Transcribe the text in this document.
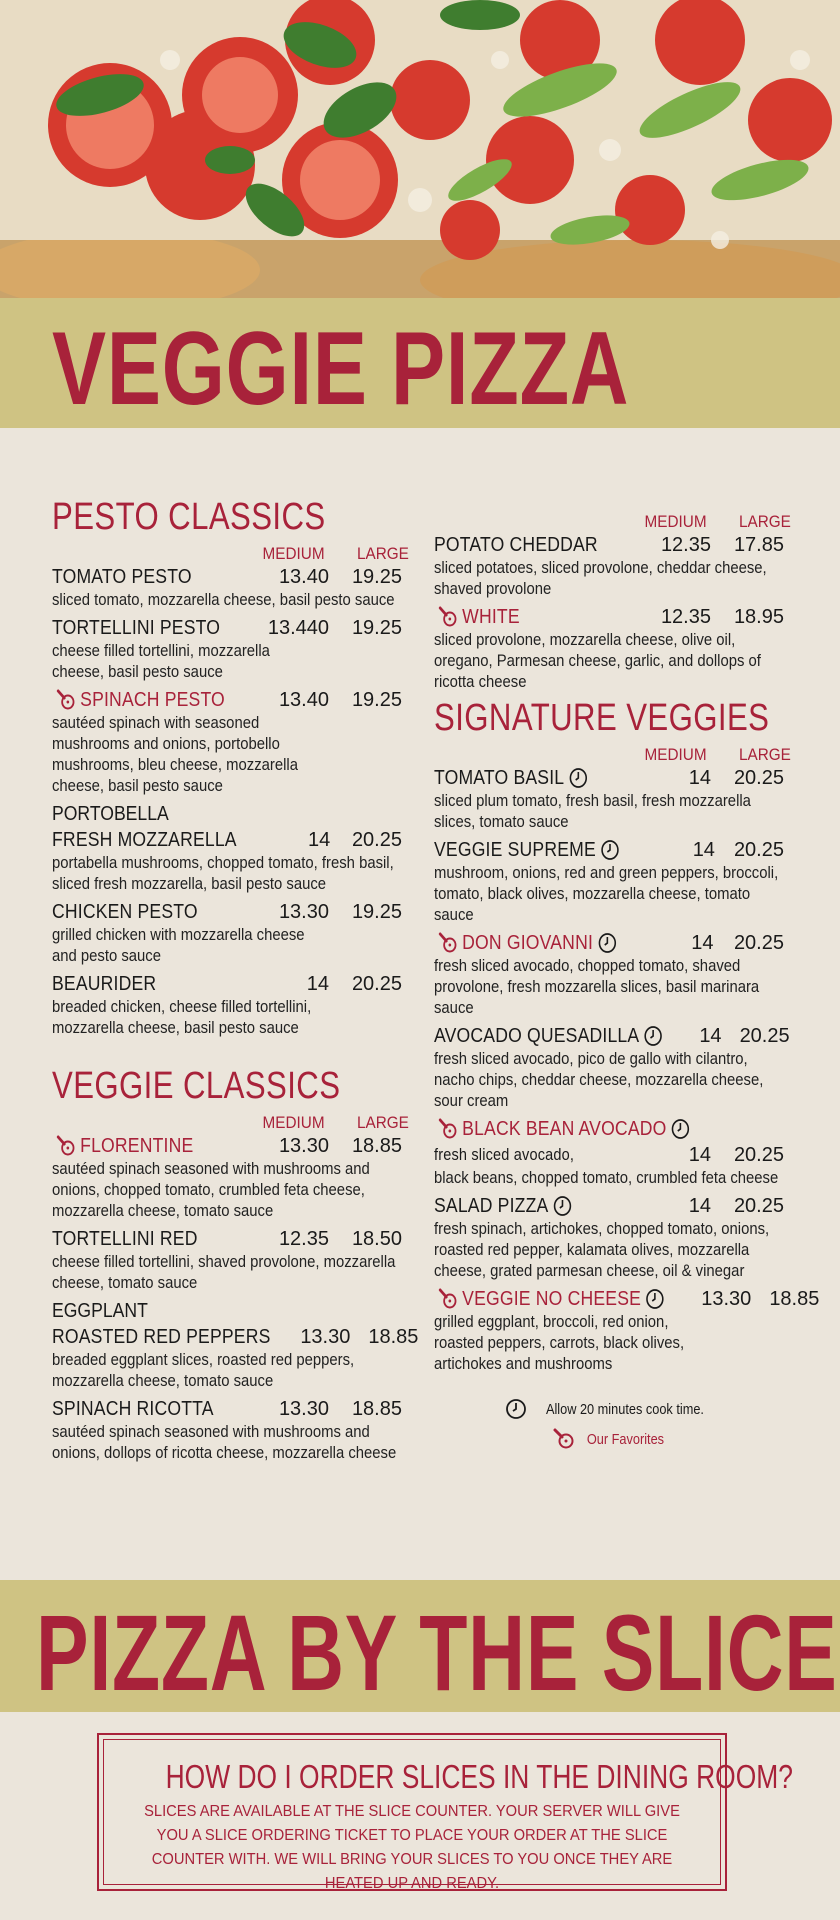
VEGGIE PIZZA
PESTO CLASSICS
MEDIUM LARGE
TOMATO PESTO	13.40 19.25
sliced tomato, mozzarella cheese, basil pesto sauce
TORTELLINI PESTO	13.440 19.25
cheese filled tortellini, mozzarella cheese, basil pesto sauce
SPINACH PESTO	13.40 19.25
sautéed spinach with seasoned mushrooms and onions, portobello mushrooms, bleu cheese, mozzarella cheese, basil pesto sauce
PORTOBELLA
FRESH MOZZARELLA	14 20.25
portabella mushrooms, chopped tomato, fresh basil, sliced fresh mozzarella, basil pesto sauce
CHICKEN PESTO	13.30 19.25
grilled chicken with mozzarella cheese and pesto sauce
BEAURIDER	14 20.25
breaded chicken, cheese filled tortellini, mozzarella cheese, basil pesto sauce
VEGGIE CLASSICS
MEDIUM LARGE
FLORENTINE	13.30 18.85
sautéed spinach seasoned with mushrooms and onions, chopped tomato, crumbled feta cheese, mozzarella cheese, tomato sauce
TORTELLINI RED	12.35 18.50
cheese filled tortellini, shaved provolone, mozzarella cheese, tomato sauce
EGGPLANT
ROASTED RED PEPPERS 13.30 18.85
breaded eggplant slices, roasted red peppers, mozzarella cheese, tomato sauce
SPINACH RICOTTA	13.30 18.85
sautéed spinach seasoned with mushrooms and onions, dollops of ricotta cheese, mozzarella cheese
MEDIUM LARGE
POTATO CHEDDAR	12.35 17.85
sliced potatoes, sliced provolone, cheddar cheese, shaved provolone
WHITE	12.35 18.95
sliced provolone, mozzarella cheese, olive oil, oregano, Parmesan cheese, garlic, and dollops of ricotta cheese
SIGNATURE VEGGIES
MEDIUM LARGE
TOMATO BASIL	14 20.25
sliced plum tomato, fresh basil, fresh mozzarella slices, tomato sauce
VEGGIE SUPREME	14 20.25
mushroom, onions, red and green peppers, broccoli, tomato, black olives, mozzarella cheese, tomato sauce
DON GIOVANNI	14 20.25
fresh sliced avocado, chopped tomato, shaved provolone, fresh mozzarella slices, basil marinara sauce
AVOCADO QUESADILLA	14 20.25
fresh sliced avocado, pico de gallo with cilantro, nacho chips, cheddar cheese, mozzarella cheese, sour cream
BLACK BEAN AVOCADO
fresh sliced avocado,	14 20.25
black beans, chopped tomato, crumbled feta cheese
SALAD PIZZA	14 20.25
fresh spinach, artichokes, chopped tomato, onions, roasted red pepper, kalamata olives, mozzarella cheese, grated parmesan cheese, oil & vinegar
VEGGIE NO CHEESE	13.30 18.85
grilled eggplant, broccoli, red onion, roasted peppers, carrots, black olives, artichokes and mushrooms
Allow 20 minutes cook time.
Our Favorites
PIZZA BY THE SLICE
HOW DO I ORDER SLICES IN THE DINING ROOM?
SLICES ARE AVAILABLE AT THE SLICE COUNTER. YOUR SERVER WILL GIVE YOU A SLICE ORDERING TICKET TO PLACE YOUR ORDER AT THE SLICE COUNTER WITH. WE WILL BRING YOUR SLICES TO YOU ONCE THEY ARE HEATED UP AND READY.
